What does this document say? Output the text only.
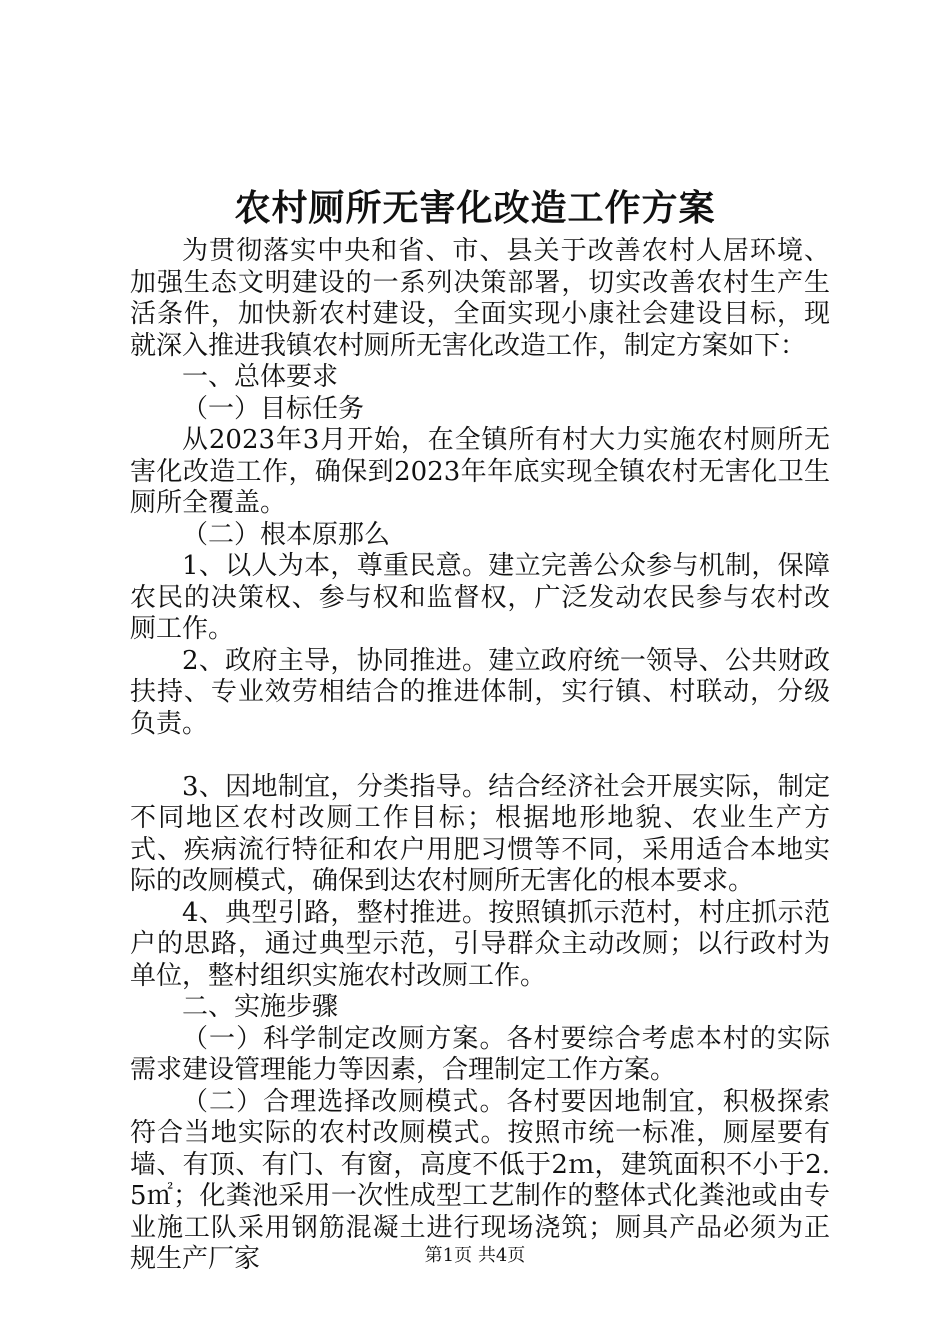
农村厕所无害化改造工作方案

为贯彻落实中央和省、市、县关于改善农村人居环境、加强生态文明建设的一系列决策部署，切实改善农村生产生活条件，加快新农村建设，全面实现小康社会建设目标，现就深入推进我镇农村厕所无害化改造工作，制定方案如下：

一、总体要求

（一）目标任务

从2023年3月开始，在全镇所有村大力实施农村厕所无害化改造工作，确保到2023年年底实现全镇农村无害化卫生厕所全覆盖。

（二）根本原那么

1、以人为本，尊重民意。建立完善公众参与机制，保障农民的决策权、参与权和监督权，广泛发动农民参与农村改厕工作。

2、政府主导，协同推进。建立政府统一领导、公共财政扶持、专业效劳相结合的推进体制，实行镇、村联动，分级负责。

3、因地制宜，分类指导。结合经济社会开展实际，制定不同地区农村改厕工作目标；根据地形地貌、农业生产方式、疾病流行特征和农户用肥习惯等不同，采用适合本地实际的改厕模式，确保到达农村厕所无害化的根本要求。

4、典型引路，整村推进。按照镇抓示范村，村庄抓示范户的思路，通过典型示范，引导群众主动改厕；以行政村为单位，整村组织实施农村改厕工作。

二、实施步骤

（一）科学制定改厕方案。各村要综合考虑本村的实际需求建设管理能力等因素，合理制定工作方案。

（二）合理选择改厕模式。各村要因地制宜，积极探索符合当地实际的农村改厕模式。按照市统一标准，厕屋要有墙、有顶、有门、有窗，高度不低于2ｍ，建筑面积不小于2.5㎡；化粪池采用一次性成型工艺制作的整体式化粪池或由专业施工队采用钢筋混凝土进行现场浇筑；厕具产品必须为正规生产厂家	第1页 共4页
